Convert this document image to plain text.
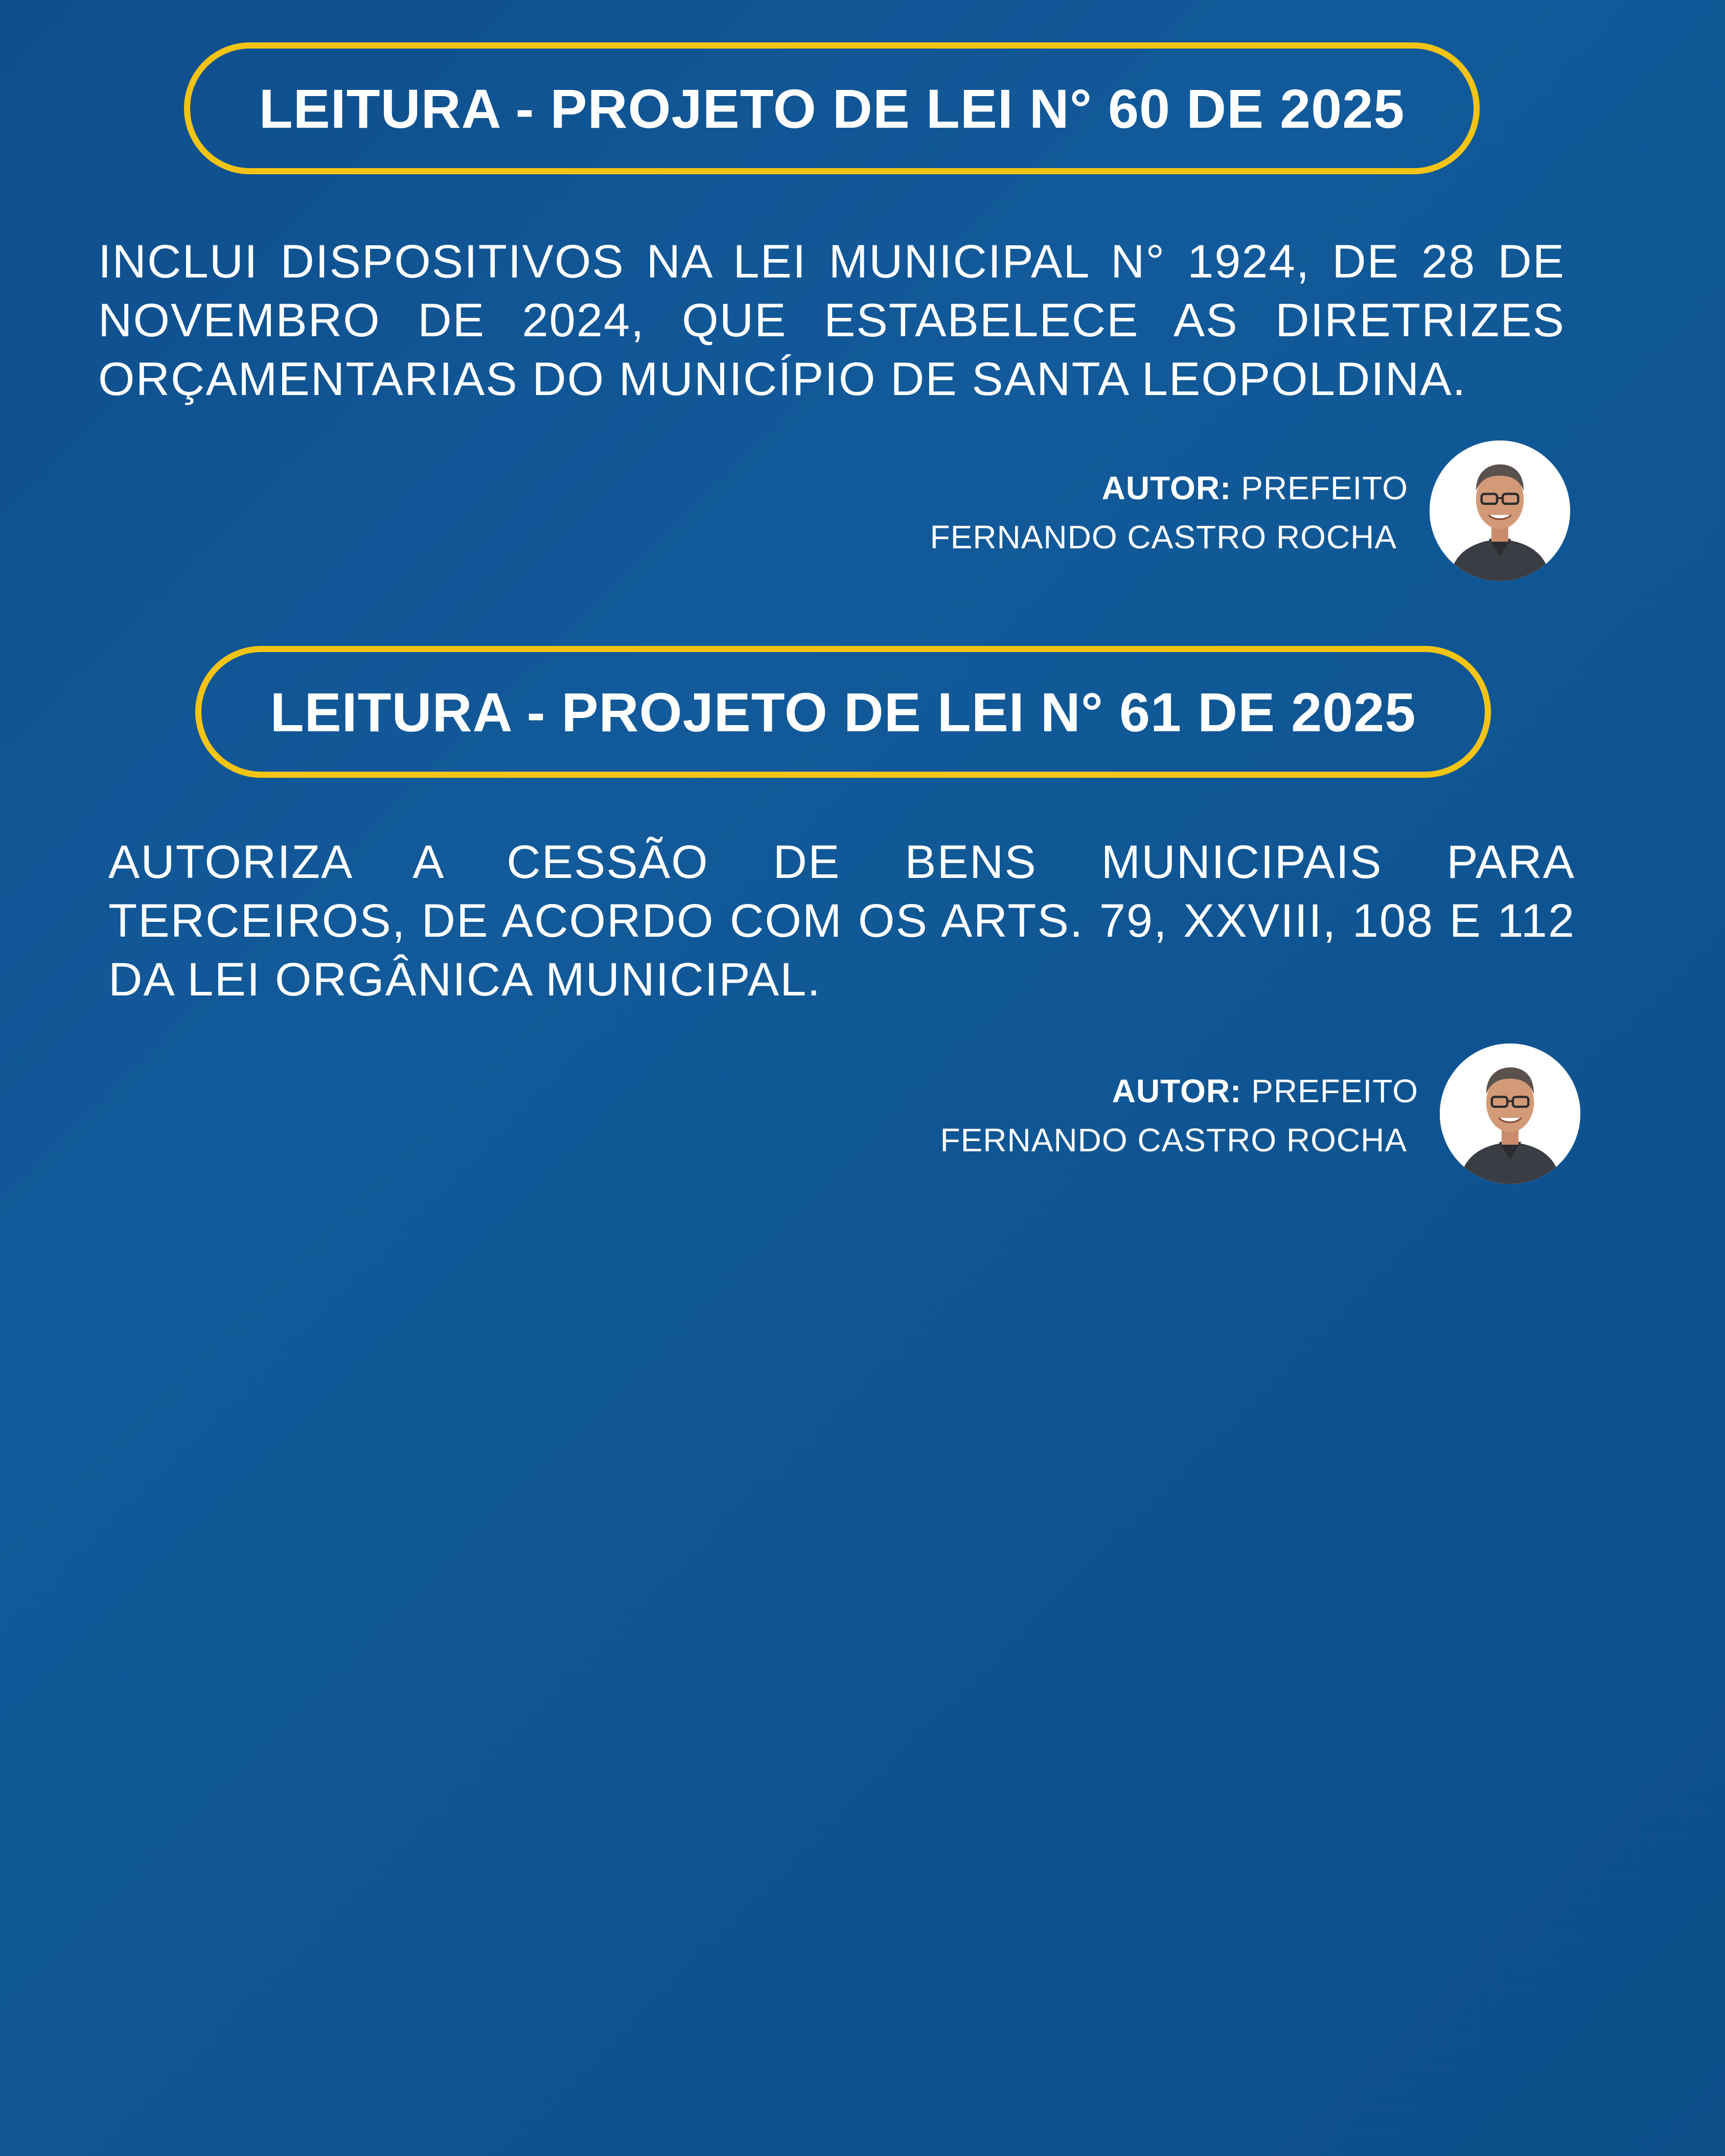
LEITURA - PROJETO DE LEI N° 60 DE 2025
INCLUI DISPOSITIVOS NA LEI MUNICIPAL N° 1924, DE 28 DE NOVEMBRO DE 2024, QUE ESTABELECE AS DIRETRIZES ORÇAMENTARIAS DO MUNICÍPIO DE SANTA LEOPOLDINA.
AUTOR: PREFEITO
FERNANDO CASTRO ROCHA
LEITURA - PROJETO DE LEI N° 61 DE 2025
AUTORIZA A CESSÃO DE BENS MUNICIPAIS PARA TERCEIROS, DE ACORDO COM OS ARTS. 79, XXVIII, 108 E 112 DA LEI ORGÂNICA MUNICIPAL.
AUTOR: PREFEITO
FERNANDO CASTRO ROCHA
